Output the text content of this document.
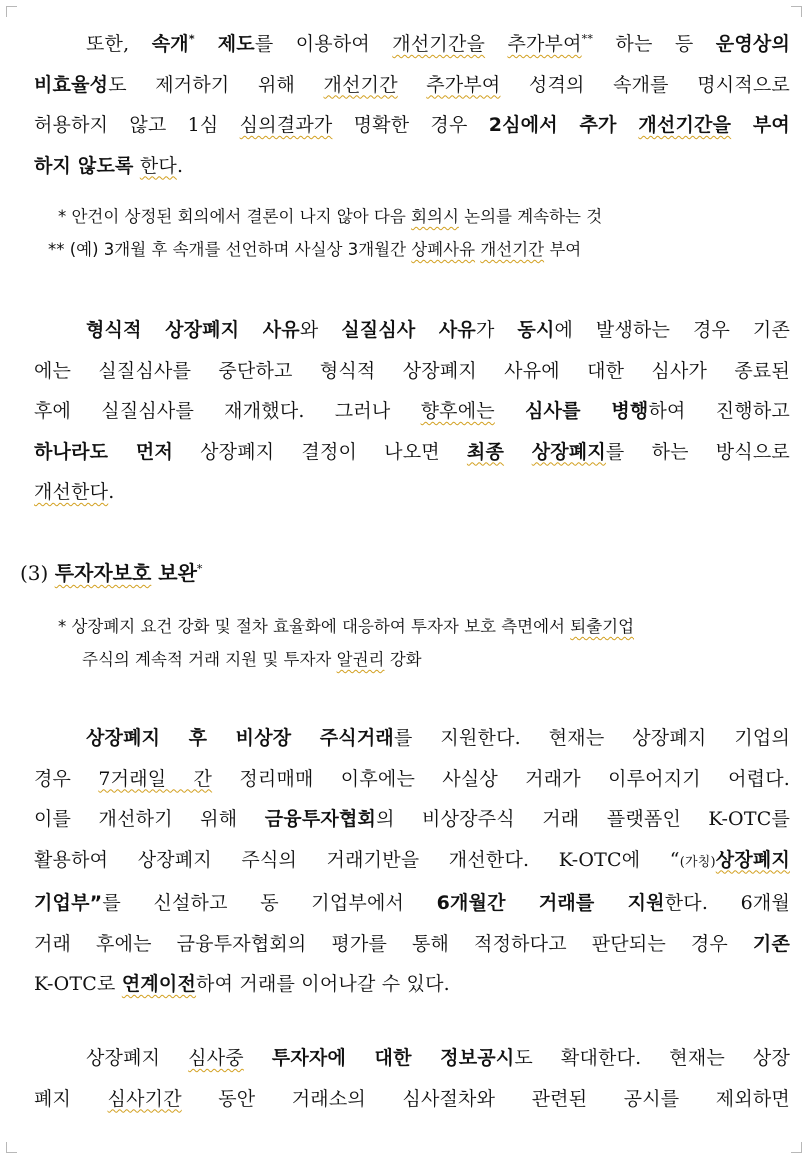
또한, 속개* 제도를 이용하여 개선기간을 추가부여** 하는 등 운영상의
비효율성도 제거하기 위해 개선기간 추가부여 성격의 속개를 명시적으로
허용하지 않고 1심 심의결과가 명확한 경우 2심에서 추가 개선기간을 부여
하지 않도록 한다.

* 안건이 상정된 회의에서 결론이 나지 않아 다음 회의시 논의를 계속하는 것
** (예) 3개월 후 속개를 선언하며 사실상 3개월간 상폐사유 개선기간 부여

형식적 상장폐지 사유와 실질심사 사유가 동시에 발생하는 경우 기존
에는 실질심사를 중단하고 형식적 상장폐지 사유에 대한 심사가 종료된
후에 실질심사를 재개했다. 그러나 향후에는 심사를 병행하여 진행하고
하나라도 먼저 상장폐지 결정이 나오면 최종 상장폐지를 하는 방식으로
개선한다.

(3) 투자자보호 보완*

* 상장폐지 요건 강화 및 절차 효율화에 대응하여 투자자 보호 측면에서 퇴출기업
주식의 계속적 거래 지원 및 투자자 알권리 강화

상장폐지 후 비상장 주식거래를 지원한다. 현재는 상장폐지 기업의
경우 7거래일 간 정리매매 이후에는 사실상 거래가 이루어지기 어렵다.
이를 개선하기 위해 금융투자협회의 비상장주식 거래 플랫폼인 K-OTC를
활용하여 상장폐지 주식의 거래기반을 개선한다. K-OTC에 “(가칭)상장폐지
기업부”를 신설하고 동 기업부에서 6개월간 거래를 지원한다. 6개월
거래 후에는 금융투자협회의 평가를 통해 적정하다고 판단되는 경우 기존
K-OTC로 연계이전하여 거래를 이어나갈 수 있다.

상장폐지 심사중 투자자에 대한 정보공시도 확대한다. 현재는 상장
폐지 심사기간 동안 거래소의 심사절차와 관련된 공시를 제외하면
